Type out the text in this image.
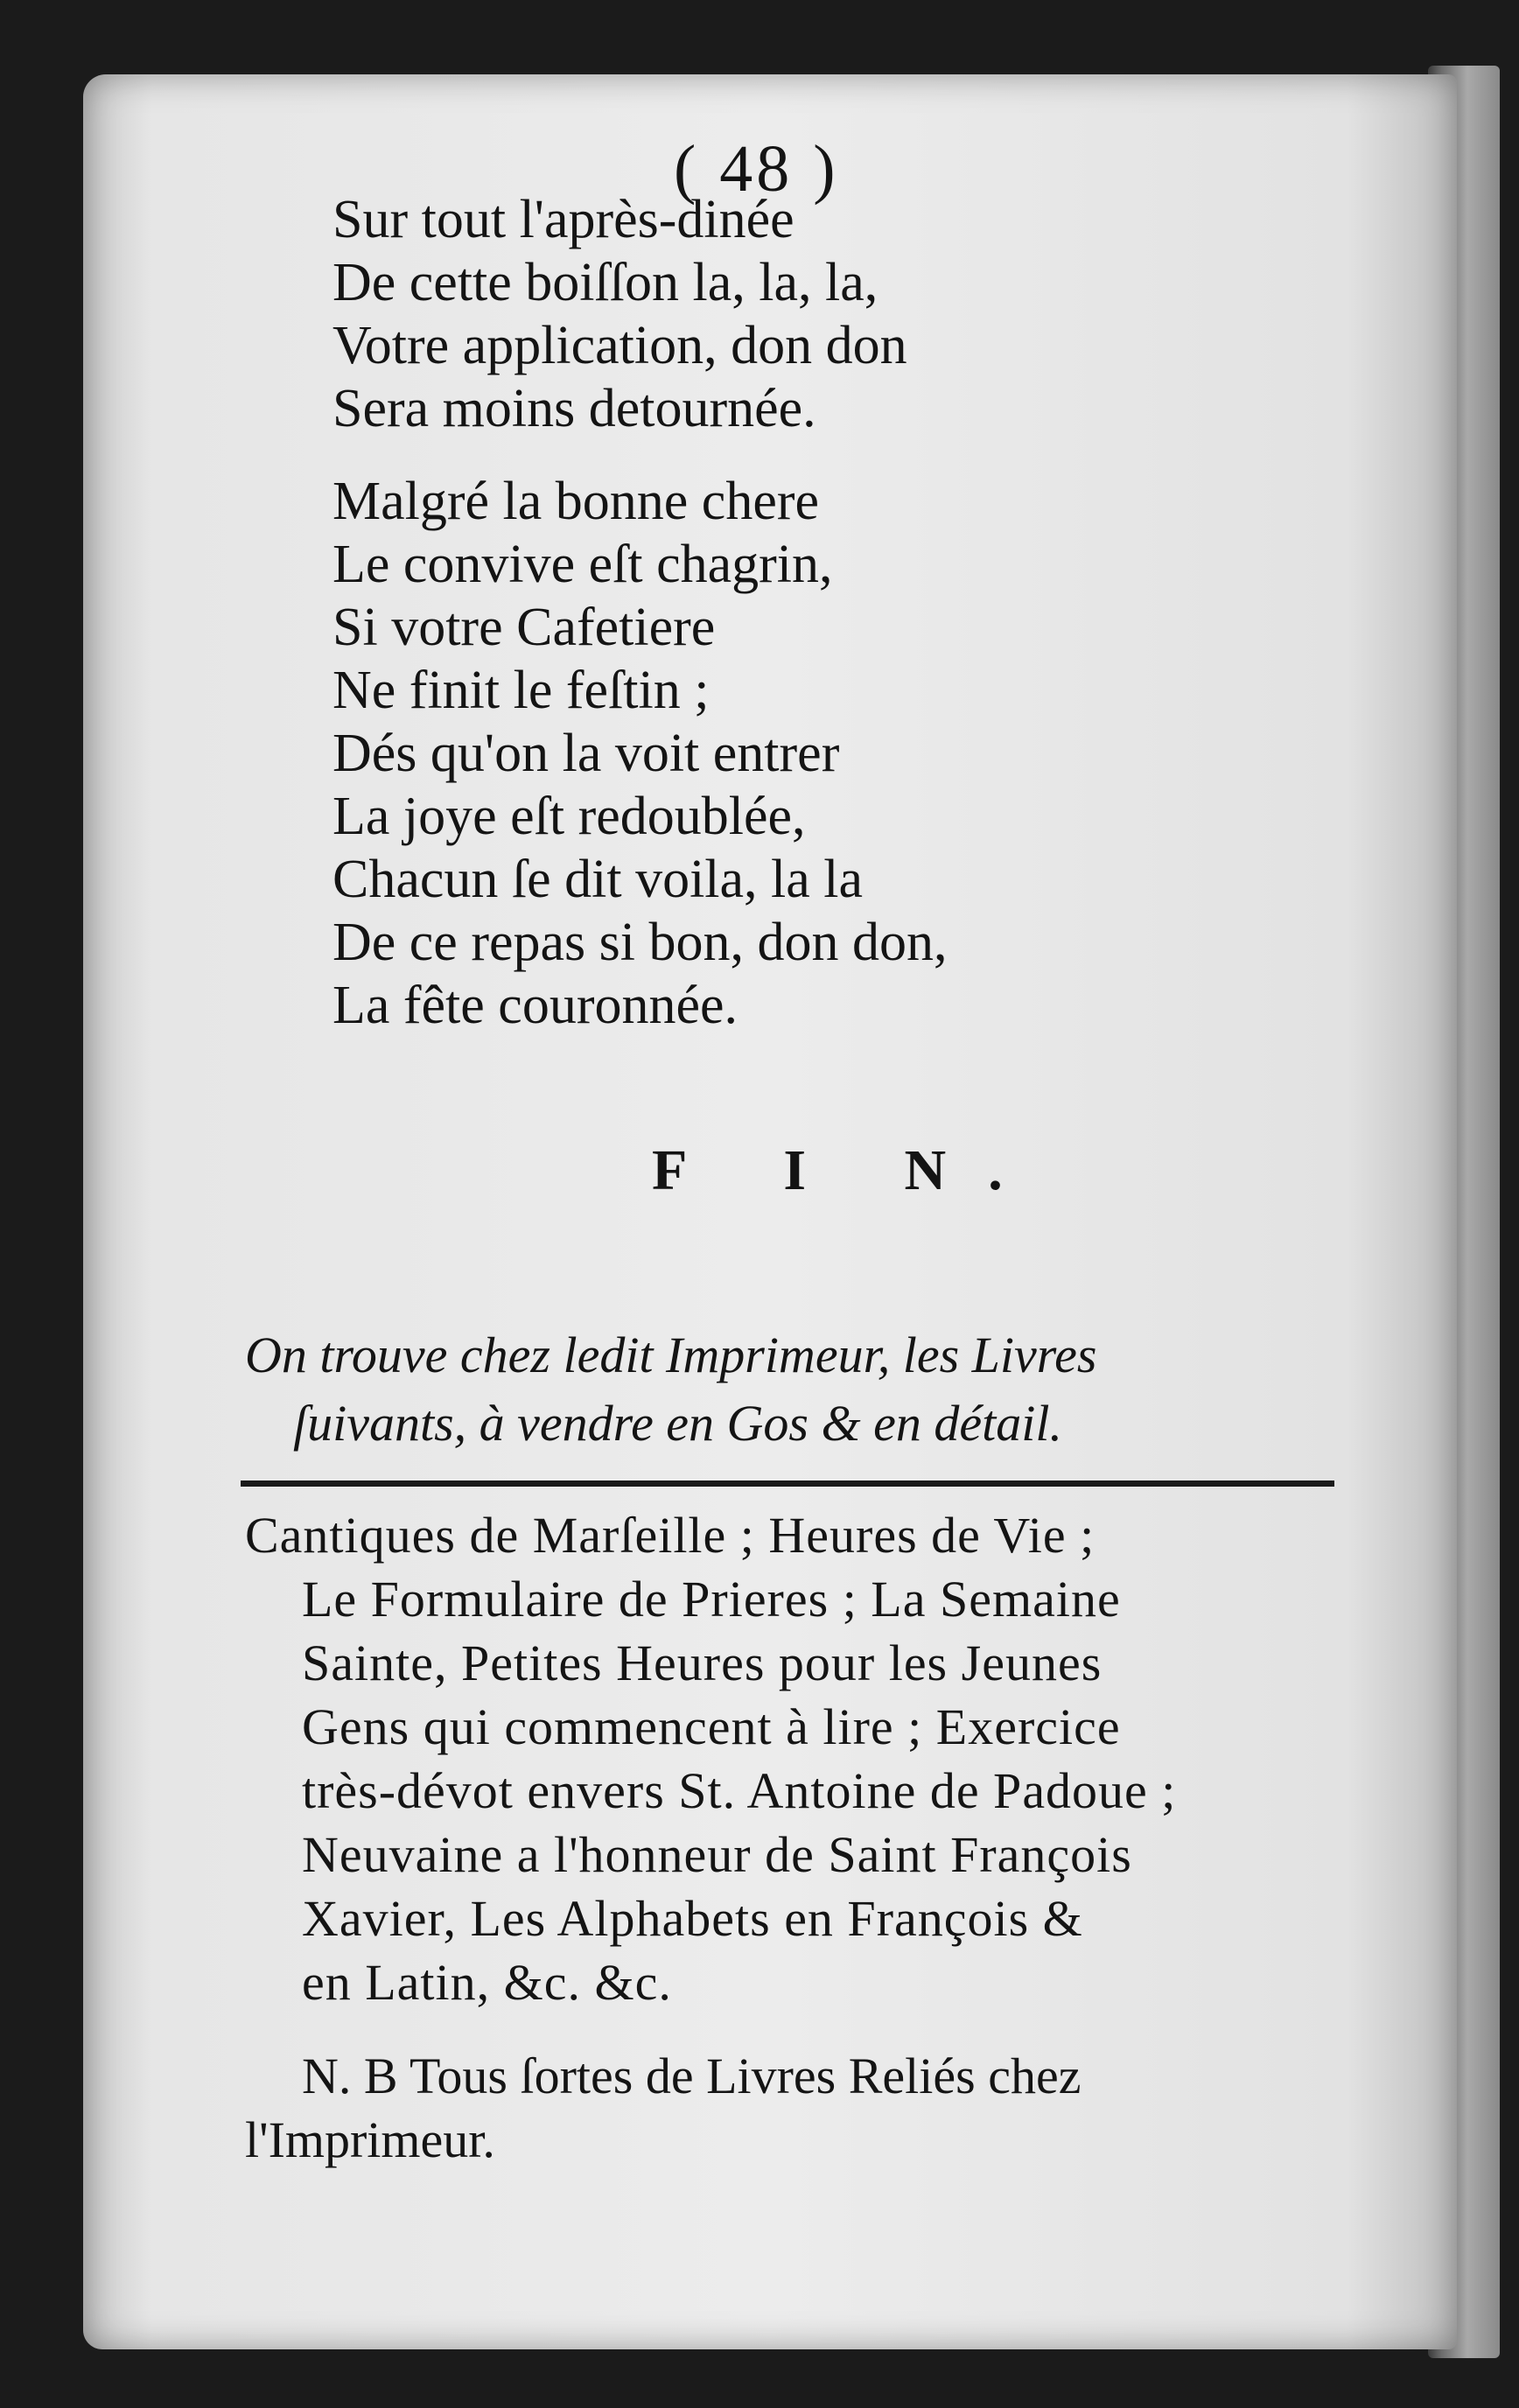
( 48 )
Sur tout l'après-dinée
De cette boiſſon la, la, la,
Votre application, don don
Sera moins detournée.
Malgré la bonne chere
Le convive eſt chagrin,
Si votre Cafetiere
Ne finit le feſtin ;
Dés qu'on la voit entrer
La joye eſt redoublée,
Chacun ſe dit voila, la la
De ce repas si bon, don don,
La fête couronnée.
F I N.
On trouve chez ledit Imprimeur, les Livres
ſuivants, à vendre en Gos & en détail.
Cantiques de Marſeille ; Heures de Vie ;
Le Formulaire de Prieres ; La Semaine
Sainte, Petites Heures pour les Jeunes
Gens qui commencent à lire ; Exercice
très-dévot envers St. Antoine de Padoue ;
Neuvaine a l'honneur de Saint François
Xavier, Les Alphabets en François &
en Latin, &c. &c.
N. B Tous ſortes de Livres Reliés chez
l'Imprimeur.
